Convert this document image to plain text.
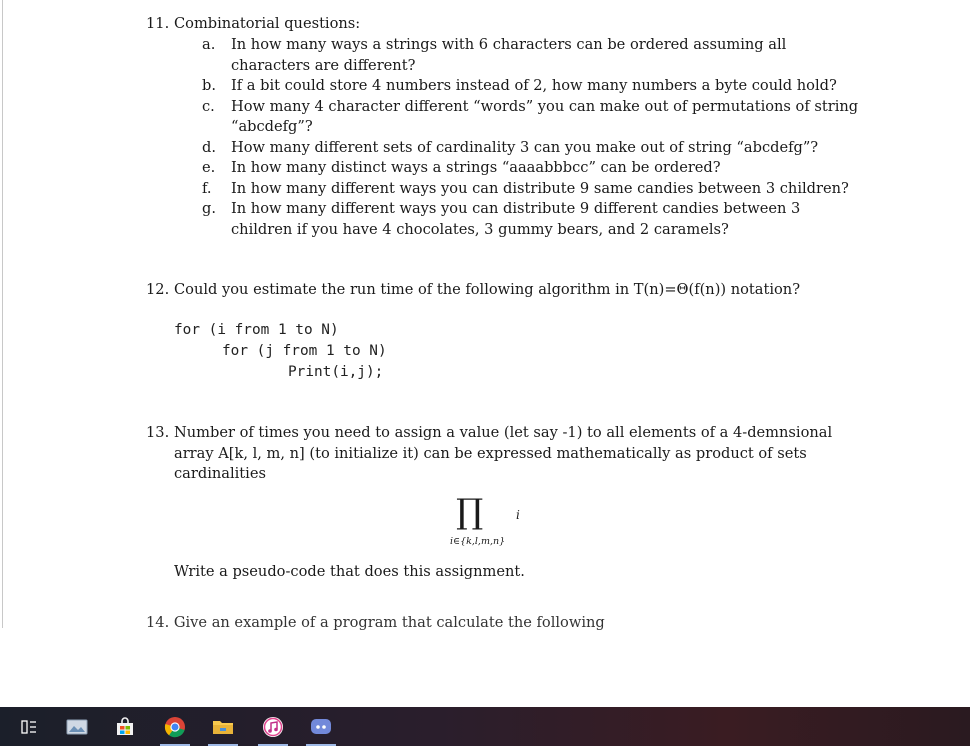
11. Combinatorial questions:
a. In how many ways a strings with 6 characters can be ordered assuming all
characters are different?
b. If a bit could store 4 numbers instead of 2, how many numbers a byte could hold?
c. How many 4 character different “words” you can make out of permutations of string
“abcdefg”?
d. How many different sets of cardinality 3 can you make out of string “abcdefg”?
e. In how many distinct ways a strings “aaaabbbcc” can be ordered?
f. In how many different ways you can distribute 9 same candies between 3 children?
g. In how many different ways you can distribute 9 different candies between 3
children if you have 4 chocolates, 3 gummy bears, and 2 caramels?
12. Could you estimate the run time of the following algorithm in T(n)=Θ(f(n)) notation?
for (i from 1 to N)
for (j from 1 to N)
Print(i,j);
13. Number of times you need to assign a value (let say -1) to all elements of a 4-demnsional
array A[k, l, m, n] (to initialize it) can be expressed mathematically as product of sets
cardinalities
∏	i
i∈{k,l,m,n}
Write a pseudo-code that does this assignment.
14. Give an example of a program that calculate the following
